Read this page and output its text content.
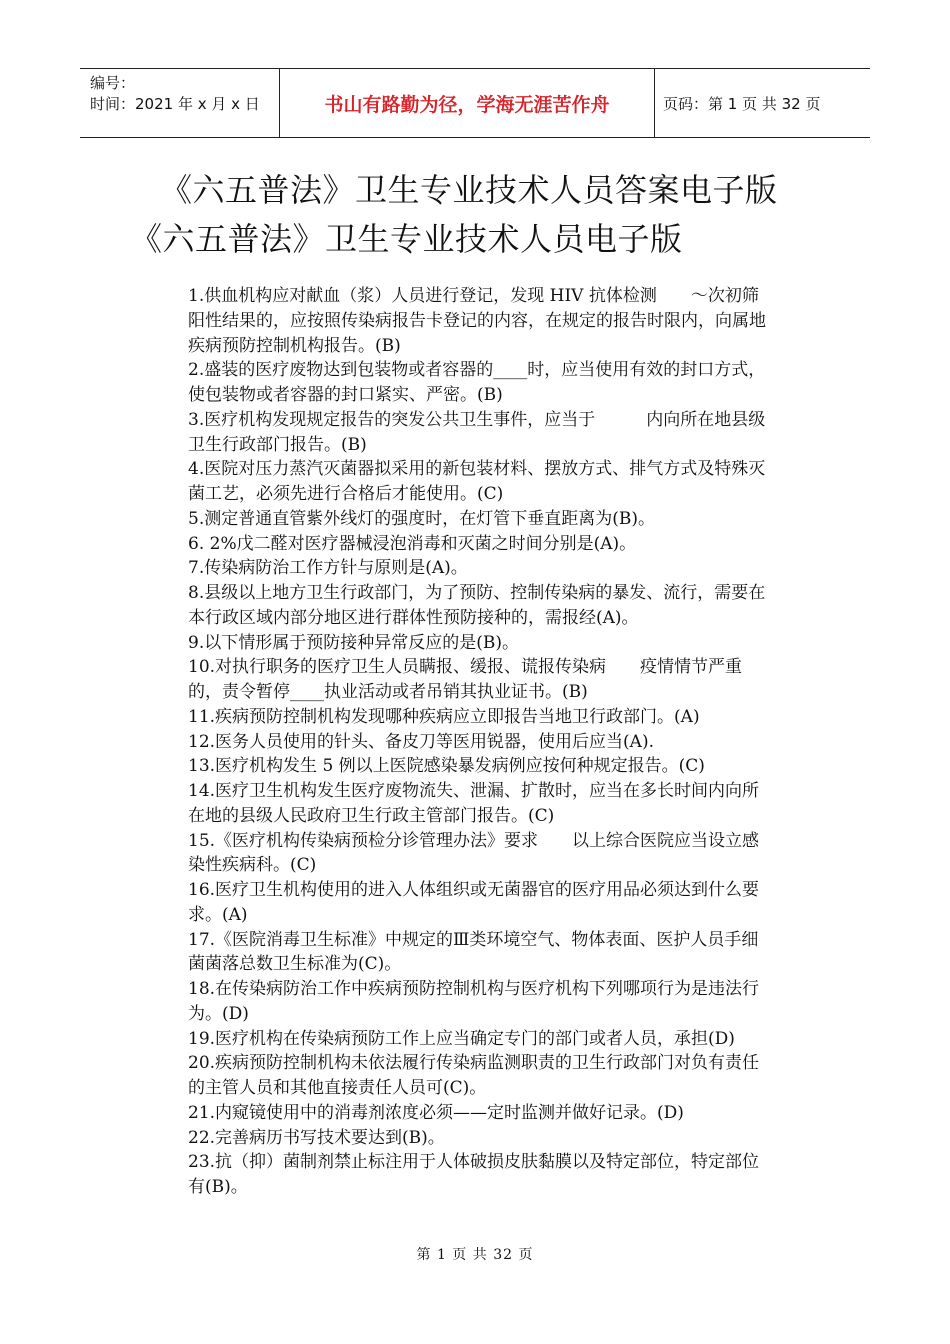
编号：
时间：2021 年 x 月 x 日	书山有路勤为径，学海无涯苦作舟	页码：第 1 页 共 32 页
《六五普法》卫生专业技术人员答案电子版
《六五普法》卫生专业技术人员电子版

1.供血机构应对献血（浆）人员进行登记，发现 HIV 抗体检测　　～次初筛阳性结果的，应按照传染病报告卡登记的内容，在规定的报告时限内，向属地疾病预防控制机构报告。(B)

2.盛装的医疗废物达到包装物或者容器的____时，应当使用有效的封口方式，使包装物或者容器的封口紧实、严密。(B)

3.医疗机构发现规定报告的突发公共卫生事件，应当于　　　内向所在地县级卫生行政部门报告。(B)

4.医院对压力蒸汽灭菌器拟采用的新包装材料、摆放方式、排气方式及特殊灭菌工艺，必须先进行合格后才能使用。(C)

5.测定普通直管紫外线灯的强度时，在灯管下垂直距离为(B)。

6. 2%戊二醛对医疗器械浸泡消毒和灭菌之时间分别是(A)。

7.传染病防治工作方针与原则是(A)。

8.县级以上地方卫生行政部门，为了预防、控制传染病的暴发、流行，需要在本行政区域内部分地区进行群体性预防接种的，需报经(A)。

9.以下情形属于预防接种异常反应的是(B)。

10.对执行职务的医疗卫生人员瞒报、缓报、谎报传染病　　疫情情节严重的，责令暂停____执业活动或者吊销其执业证书。(B)

11.疾病预防控制机构发现哪种疾病应立即报告当地卫行政部门。(A)

12.医务人员使用的针头、备皮刀等医用锐器，使用后应当(A).

13.医疗机构发生 5 例以上医院感染暴发病例应按何种规定报告。(C)

14.医疗卫生机构发生医疗废物流失、泄漏、扩散时，应当在多长时间内向所在地的县级人民政府卫生行政主管部门报告。(C)

15.《医疗机构传染病预检分诊管理办法》要求　　以上综合医院应当设立感染性疾病科。(C)

16.医疗卫生机构使用的进入人体组织或无菌器官的医疗用品必须达到什么要求。(A)

17.《医院消毒卫生标准》中规定的Ⅲ类环境空气、物体表面、医护人员手细菌菌落总数卫生标准为(C)。

18.在传染病防治工作中疾病预防控制机构与医疗机构下列哪项行为是违法行为。(D)

19.医疗机构在传染病预防工作上应当确定专门的部门或者人员，承担(D)

20.疾病预防控制机构未依法履行传染病监测职责的卫生行政部门对负有责任的主管人员和其他直接责任人员可(C)。

21.内窥镜使用中的消毒剂浓度必须——定时监测并做好记录。(D)

22.完善病历书写技术要达到(B)。

23.抗（抑）菌制剂禁止标注用于人体破损皮肤黏膜以及特定部位，特定部位有(B)。

第 1 页 共 32 页
